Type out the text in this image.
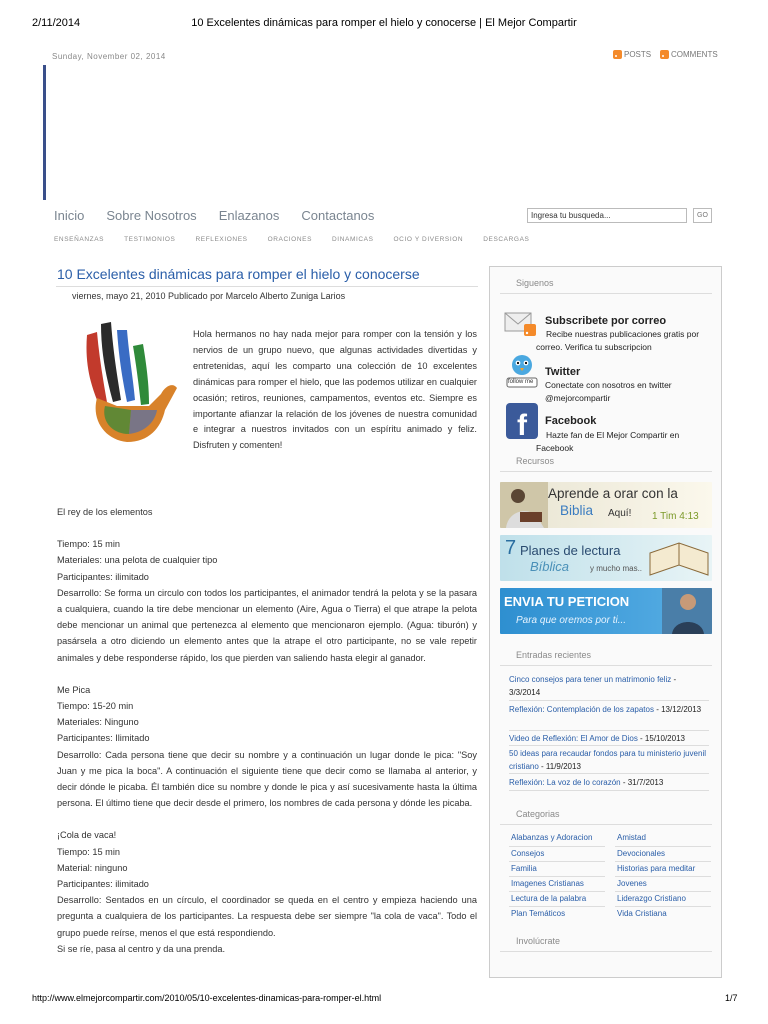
2/11/2014	10 Excelentes dinámicas para romper el hielo y conocerse | El Mejor Compartir
Sunday, November 02, 2014	POSTS COMMENTS
Inicio Sobre Nosotros Enlazanos Contactanos
Ingresa tu busqueda...	GO
ENSEÑANZAS	TESTIMONIOS	REFLEXIONES	ORACIONES	DINAMICAS	OCIO Y DIVERSION	DESCARGAS
10 Excelentes dinámicas para romper el hielo y conocerse
viernes, mayo 21, 2010 Publicado por Marcelo Alberto Zuniga Larios
Hola hermanos no hay nada mejor para romper con la tensión y los nervios de un grupo nuevo, que algunas actividades divertidas y entretenidas, aquí les comparto una colección de 10 excelentes dinámicas para romper el hielo, que las podemos utilizar en cualquier ocasión; retiros, reuniones, campamentos, eventos etc. Siempre es importante afianzar la relación de los jóvenes de nuestra comunidad e integrar a nuestros invitados con un espíritu animado y feliz. Disfruten y comenten!
El rey de los elementos
Tiempo: 15 min
Materiales: una pelota de cualquier tipo
Participantes: ilimitado
Desarrollo: Se forma un circulo con todos los participantes, el animador tendrá la pelota y se la pasara a cualquiera, cuando la tire debe mencionar un elemento (Aire, Agua o Tierra) el que atrape la pelota debe mencionar un animal que pertenezca al elemento que mencionaron ejemplo. (Agua: tiburón) y pasársela a otro diciendo un elemento antes que la atrape el otro participante, no se vale repetir animales y debe responderse rápido, los que pierden van saliendo hasta elegir al ganador.
Me Pica
Tiempo: 15-20 min
Materiales: Ninguno
Participantes: Ilimitado
Desarrollo: Cada persona tiene que decir su nombre y a continuación un lugar donde le pica: "Soy Juan y me pica la boca". A continuación el siguiente tiene que decir como se llamaba al anterior, y decir dónde le picaba. Él también dice su nombre y donde le pica y así sucesivamente hasta la última persona. El último tiene que decir desde el primero, los nombres de cada persona y dónde les picaba.
¡Cola de vaca!
Tiempo: 15 min
Material: ninguno
Participantes: ilimitado
Desarrollo: Sentados en un círculo, el coordinador se queda en el centro y empieza haciendo una pregunta a cualquiera de los participantes. La respuesta debe ser siempre "la cola de vaca". Todo el grupo puede reírse, menos el que está respondiendo.
Si se ríe, pasa al centro y da una prenda.
Siguenos
Subscribete por correo
Recibe nuestras publicaciones gratis por correo. Verifica tu subscripcion
follow me
Twitter
Conectate con nosotros en twitter @mejorcompartir
f Facebook
Hazte fan de El Mejor Compartir en Facebook
Recursos
Aprende a orar con la
Biblia Aquí! 1 Tim 4:13
7 Planes de lectura
Bíblica	y mucho mas..
ENVIA TU PETICION
Para que oremos por ti...
Entradas recientes
Cinco consejos para tener un matrimonio feliz - 3/3/2014
Reflexión: Contemplación de los zapatos - 13/12/2013
Video de Reflexión: El Amor de Dios - 15/10/2013
50 ideas para recaudar fondos para tu ministerio juvenil cristiano - 11/9/2013
Reflexión: La voz de lo corazón - 31/7/2013
Categorias
Alabanzas y Adoracion	Amistad
Consejos	Devocionales
Familia	Historias para meditar
Imagenes Cristianas	Jovenes
Lectura de la palabra	Liderazgo Cristiano
Plan Temáticos	Vida Cristiana
Involúcrate
http://www.elmejorcompartir.com/2010/05/10-excelentes-dinamicas-para-romper-el.html	1/7
